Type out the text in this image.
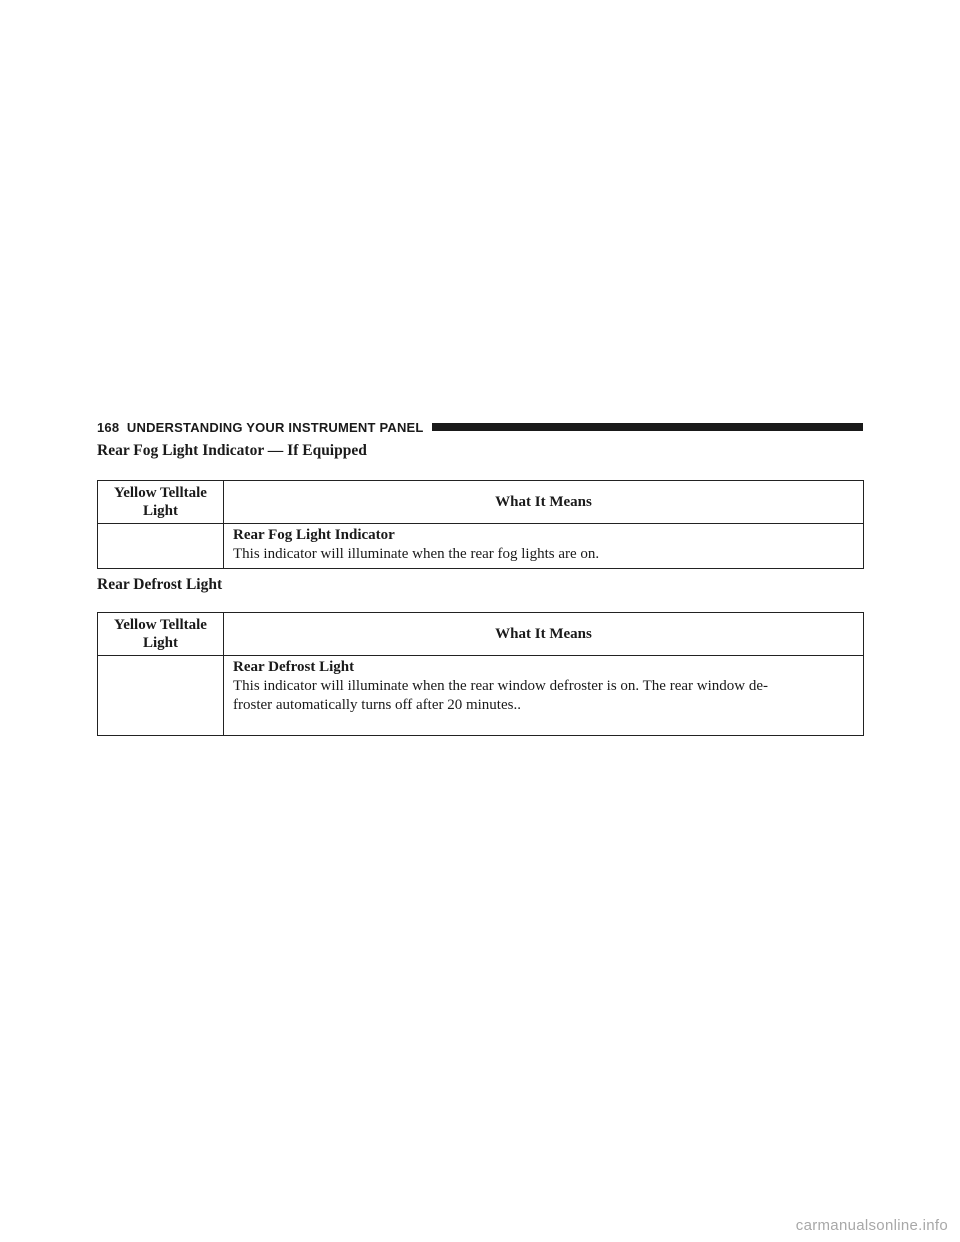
168 UNDERSTANDING YOUR INSTRUMENT PANEL
Rear Fog Light Indicator — If Equipped
Yellow Telltale
Light	What It Means

	Rear Fog Light Indicator
This indicator will illuminate when the rear fog lights are on.
Rear Defrost Light
Yellow Telltale
Light	What It Means

	Rear Defrost Light
This indicator will illuminate when the rear window defroster is on. The rear window de-
froster automatically turns off after 20 minutes..
carmanualsonline.info
